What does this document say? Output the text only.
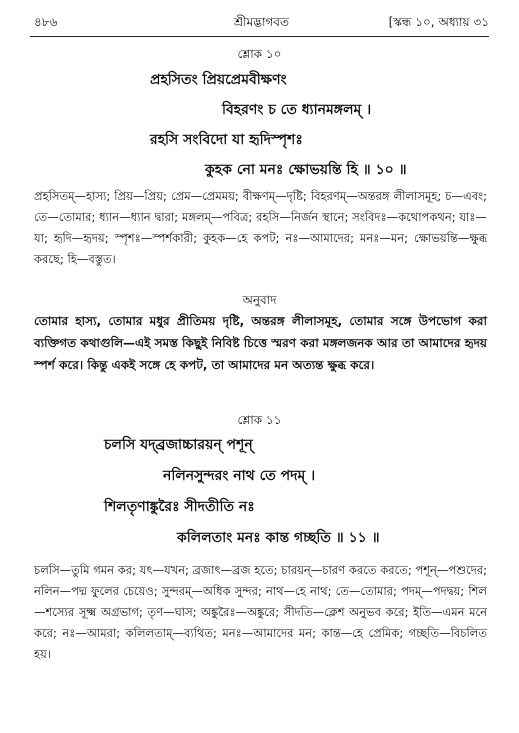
৪৮৬	শ্রীমদ্ভাগবত	[স্কন্ধ ১০, অধ্যায় ৩১
শ্লোক ১০
প্রহসিতং প্রিয়প্রেমবীক্ষণং
বিহরণং চ তে ধ্যানমঙ্গলম্ ।
রহসি সংবিদো যা হৃদিস্পৃশঃ
কুহক নো মনঃ ক্ষোভয়ন্তি হি ॥ ১০ ॥
প্রহসিতম্—হাস্য; প্রিয়—প্রিয়; প্রেম—প্রেমময়; বীক্ষণম্—দৃষ্টি; বিহরণম্—অন্তরঙ্গ লীলাসমূহ; চ—এবং; তে—তোমার; ধ্যান—ধ্যান দ্বারা; মঙ্গলম্—পবিত্র; রহসি—নির্জন স্থানে; সংবিদঃ—কথোপকথন; যাঃ—যা; হৃদি—হৃদয়; স্পৃশঃ—স্পর্শকারী; কুহক—হে কপট; নঃ—আমাদের; মনঃ—মন; ক্ষোভয়ন্তি—ক্ষুব্ধ করছে; হি—বস্তুত।
অনুবাদ
তোমার হাস্য, তোমার মধুর প্রীতিময় দৃষ্টি, অন্তরঙ্গ লীলাসমূহ, তোমার সঙ্গে উপভোগ করা ব্যক্তিগত কথাগুলি—এই সমস্ত কিছুই নিবিষ্ট চিত্তে স্মরণ করা মঙ্গলজনক আর তা আমাদের হৃদয় স্পর্শ করে। কিন্তু একই সঙ্গে হে কপট, তা আমাদের মন অত্যন্ত ক্ষুব্ধ করে।
শ্লোক ১১
চলসি যদ্‌ব্রজাচ্চারয়ন্ পশূন্
নলিনসুন্দরং নাথ তে পদম্ ।
শিলতৃণাঙ্কুরৈঃ সীদতীতি নঃ
কলিলতাং মনঃ কান্ত গচ্ছতি ॥ ১১ ॥
চলসি—তুমি গমন কর; যৎ—যখন; ব্রজাৎ—ব্রজ হতে; চারয়ন্—চারণ করতে করতে; পশূন্—পশুদের; নলিন—পদ্ম ফুলের চেয়েও; সুন্দরম্—অধিক সুন্দর; নাথ—হে নাথ; তে—তোমার; পদম্—পদদ্বয়; শিল—শস্যের সূক্ষ্ম অগ্রভাগ; তৃণ—ঘাস; অঙ্কুরৈঃ—অঙ্কুরে; সীদতি—ক্লেশ অনুভব করে; ইতি—এমন মনে করে; নঃ—আমরা; কলিলতাম্—ব্যথিত; মনঃ—আমাদের মন; কান্ত—হে প্রেমিক; গচ্ছতি—বিচলিত হয়।
